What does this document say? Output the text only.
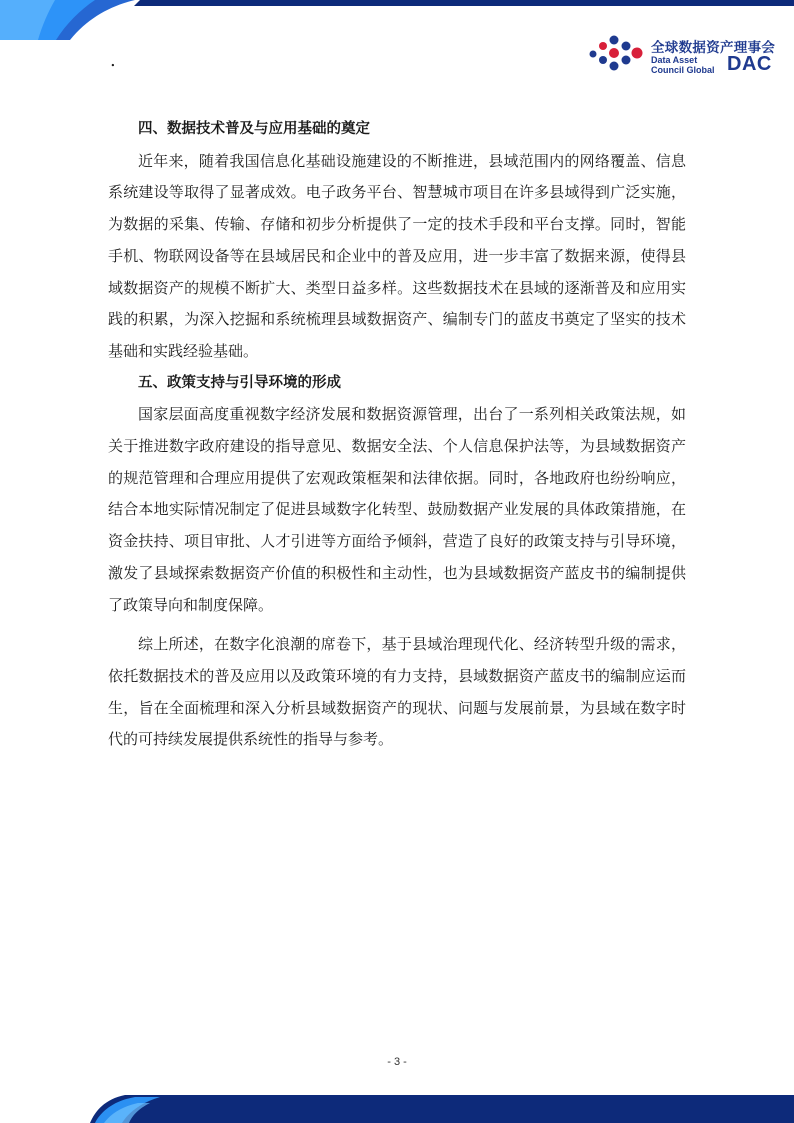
.
全球数据资产理事会
Data Asset
Council Global DAC

四、数据技术普及与应用基础的奠定

近年来，随着我国信息化基础设施建设的不断推进，县域范围内的网络覆盖、信息系统建设等取得了显著成效。电子政务平台、智慧城市项目在许多县域得到广泛实施，为数据的采集、传输、存储和初步分析提供了一定的技术手段和平台支撑。同时，智能手机、物联网设备等在县域居民和企业中的普及应用，进一步丰富了数据来源，使得县域数据资产的规模不断扩大、类型日益多样。这些数据技术在县域的逐渐普及和应用实践的积累，为深入挖掘和系统梳理县域数据资产、编制专门的蓝皮书奠定了坚实的技术基础和实践经验基础。

五、政策支持与引导环境的形成

国家层面高度重视数字经济发展和数据资源管理，出台了一系列相关政策法规，如关于推进数字政府建设的指导意见、数据安全法、个人信息保护法等，为县域数据资产的规范管理和合理应用提供了宏观政策框架和法律依据。同时，各地政府也纷纷响应，结合本地实际情况制定了促进县域数字化转型、鼓励数据产业发展的具体政策措施，在资金扶持、项目审批、人才引进等方面给予倾斜，营造了良好的政策支持与引导环境，激发了县域探索数据资产价值的积极性和主动性，也为县域数据资产蓝皮书的编制提供了政策导向和制度保障。

综上所述，在数字化浪潮的席卷下，基于县域治理现代化、经济转型升级的需求，依托数据技术的普及应用以及政策环境的有力支持，县域数据资产蓝皮书的编制应运而生，旨在全面梳理和深入分析县域数据资产的现状、问题与发展前景，为县域在数字时代的可持续发展提供系统性的指导与参考。

- 3 -
